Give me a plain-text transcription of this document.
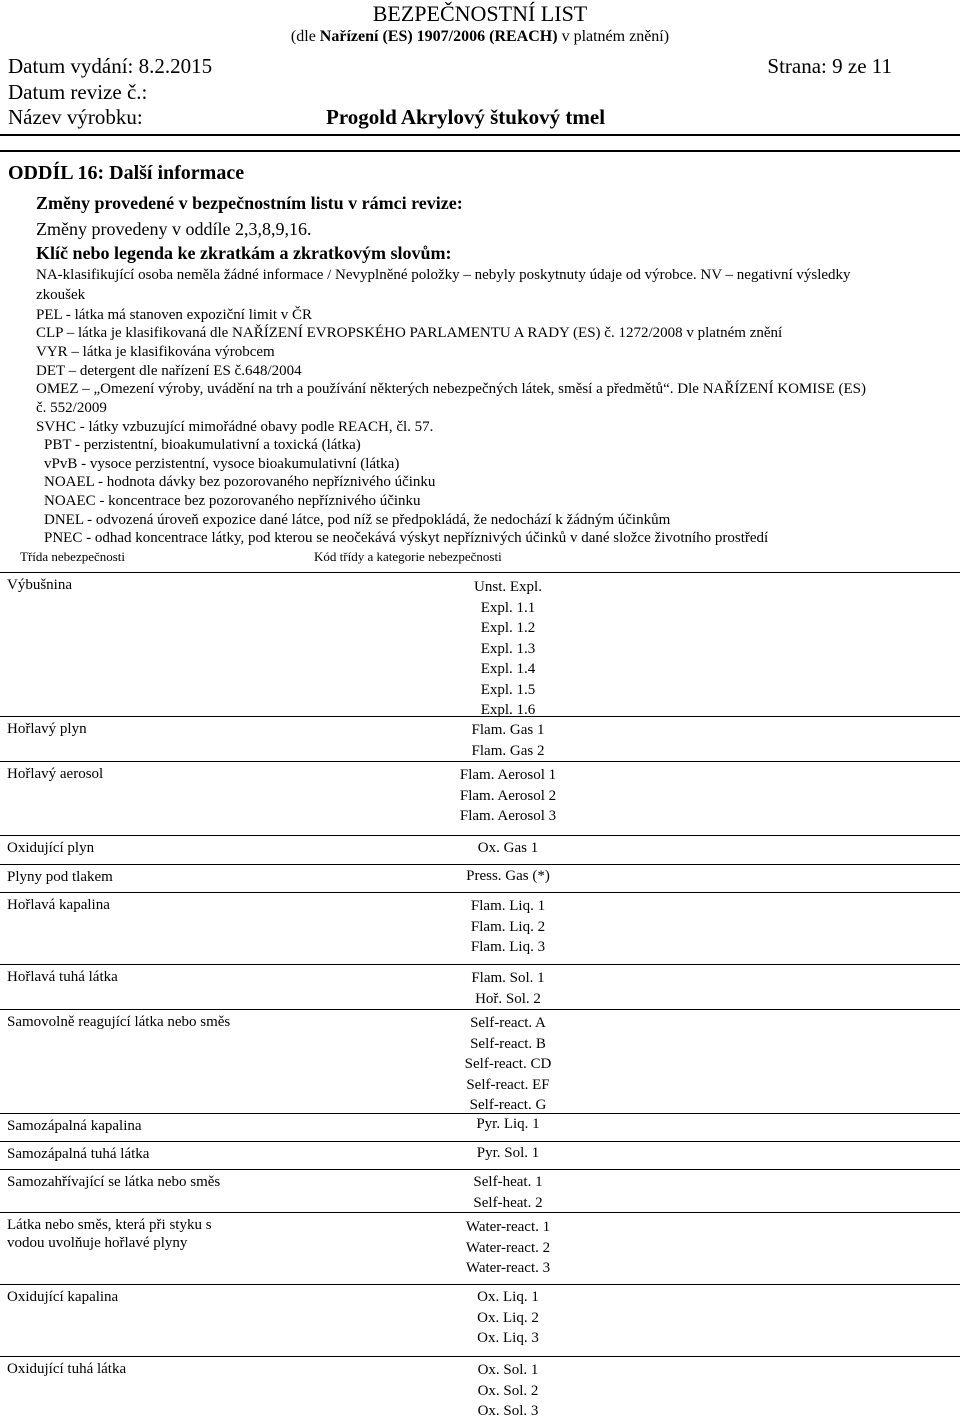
BEZPEČNOSTNÍ LIST
(dle Nařízení (ES) 1907/2006 (REACH) v platném znění)
Datum vydání: 8.2.2015	Strana: 9 ze 11
Datum revize č.:
Název výrobku:	Progold Akrylový štukový tmel
ODDÍL 16: Další informace
Změny provedené v bezpečnostním listu v rámci revize:
Změny provedeny v oddíle 2,3,8,9,16.
Klíč nebo legenda ke zkratkám a zkratkovým slovům:
NA-klasifikující osoba neměla žádné informace / Nevyplněné položky – nebyly poskytnuty údaje od výrobce. NV – negativní výsledky
zkoušek
PEL - látka má stanoven expoziční limit v ČR
CLP – látka je klasifikovaná dle NAŘÍZENÍ EVROPSKÉHO PARLAMENTU A RADY (ES) č. 1272/2008 v platném znění
VYR – látka je klasifikována výrobcem
DET – detergent dle nařízení ES č.648/2004
OMEZ – „Omezení výroby, uvádění na trh a používání některých nebezpečných látek, směsí a předmětů“. Dle NAŘÍZENÍ KOMISE (ES)
č. 552/2009
SVHC - látky vzbuzující mimořádné obavy podle REACH, čl. 57.
PBT - perzistentní, bioakumulativní a toxická (látka)
vPvB - vysoce perzistentní, vysoce bioakumulativní (látka)
NOAEL - hodnota dávky bez pozorovaného nepříznivého účinku
NOAEC - koncentrace bez pozorovaného nepříznivého účinku
DNEL - odvozená úroveň expozice dané látce, pod níž se předpokládá, že nedochází k žádným účinkům
PNEC - odhad koncentrace látky, pod kterou se neočekává výskyt nepříznivých účinků v dané složce životního prostředí
Třída nebezpečnosti	Kód třídy a kategorie nebezpečnosti
Výbušnina	Unst. Expl.
Expl. 1.1
Expl. 1.2
Expl. 1.3
Expl. 1.4
Expl. 1.5
Expl. 1.6
Hořlavý plyn	Flam. Gas 1
Flam. Gas 2
Hořlavý aerosol	Flam. Aerosol 1
Flam. Aerosol 2
Flam. Aerosol 3
Oxidující plyn	Ox. Gas 1
Plyny pod tlakem	Press. Gas (*)
Hořlavá kapalina	Flam. Liq. 1
Flam. Liq. 2
Flam. Liq. 3
Hořlavá tuhá látka	Flam. Sol. 1
Hoř. Sol. 2
Samovolně reagující látka nebo směs	Self-react. A
Self-react. B
Self-react. CD
Self-react. EF
Self-react. G
Samozápalná kapalina	Pyr. Liq. 1
Samozápalná tuhá látka	Pyr. Sol. 1
Samozahřívající se látka nebo směs	Self-heat. 1
Self-heat. 2
Látka nebo směs, která při styku s vodou uvolňuje hořlavé plyny
Water-react. 1
Water-react. 2
Water-react. 3
Oxidující kapalina	Ox. Liq. 1
Ox. Liq. 2
Ox. Liq. 3
Oxidující tuhá látka	Ox. Sol. 1
Ox. Sol. 2
Ox. Sol. 3
